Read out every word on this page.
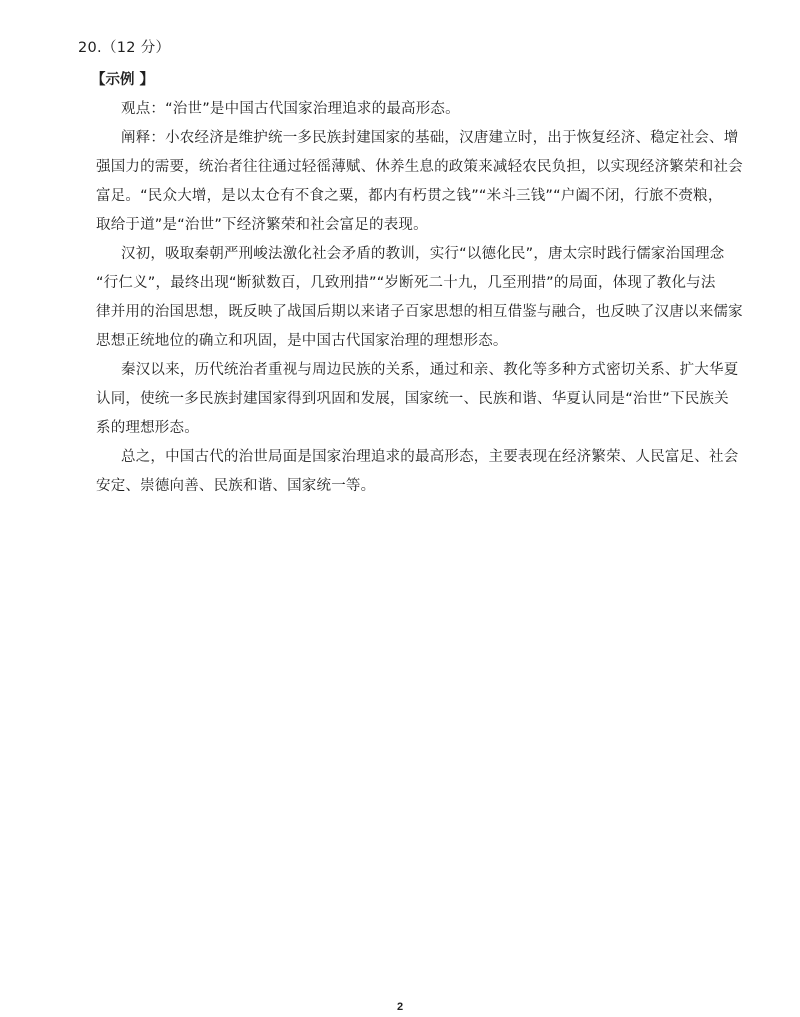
20.（12 分）
【示例 】
观点：“治世”是中国古代国家治理追求的最高形态。
阐释：小农经济是维护统一多民族封建国家的基础，汉唐建立时，出于恢复经济、稳定社会、增
强国力的需要，统治者往往通过轻徭薄赋、休养生息的政策来减轻农民负担，以实现经济繁荣和社会
富足。“民众大增，是以太仓有不食之粟，都内有朽贯之钱”“米斗三钱”“户阖不闭，行旅不赍粮，
取给于道”是“治世”下经济繁荣和社会富足的表现。
汉初，吸取秦朝严刑峻法激化社会矛盾的教训，实行“以德化民”，唐太宗时践行儒家治国理念
“行仁义”，最终出现“断狱数百，几致刑措”“岁断死二十九，几至刑措”的局面，体现了教化与法
律并用的治国思想，既反映了战国后期以来诸子百家思想的相互借鉴与融合，也反映了汉唐以来儒家
思想正统地位的确立和巩固，是中国古代国家治理的理想形态。
秦汉以来，历代统治者重视与周边民族的关系，通过和亲、教化等多种方式密切关系、扩大华夏
认同，使统一多民族封建国家得到巩固和发展，国家统一、民族和谐、华夏认同是“治世”下民族关
系的理想形态。
总之，中国古代的治世局面是国家治理追求的最高形态，主要表现在经济繁荣、人民富足、社会
安定、崇德向善、民族和谐、国家统一等。
2
